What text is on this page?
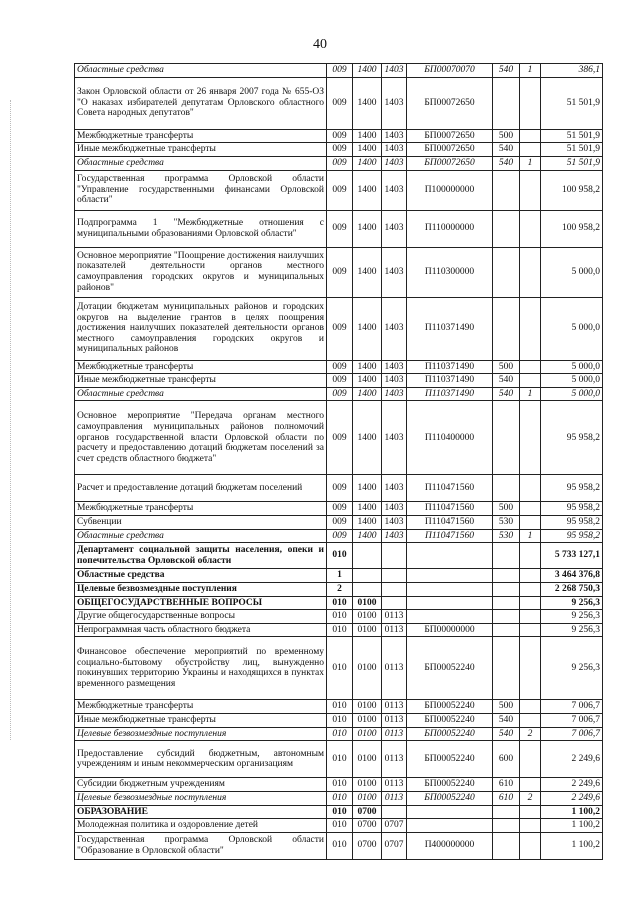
40
Областные средства	009	1400	1403	БП00070070	540	1	386,1
Закон Орловской области от 26 января 2007 года № 655-ОЗ "О наказах избирателей депутатам Орловского областного Совета народных депутатов"	009	1400	1403	БП00072650			51 501,9
Межбюджетные трансферты	009	1400	1403	БП00072650	500		51 501,9
Иные межбюджетные трансферты	009	1400	1403	БП00072650	540		51 501,9
Областные средства	009	1400	1403	БП00072650	540	1	51 501,9
Государственная программа Орловской области "Управление государственными финансами Орловской области"	009	1400	1403	П100000000			100 958,2
Подпрограмма 1 "Межбюджетные отношения с муниципальными образованиями Орловской области"	009	1400	1403	П110000000			100 958,2
Основное мероприятие "Поощрение достижения наилучших показателей деятельности органов местного самоуправления городских округов и муниципальных районов"	009	1400	1403	П110300000			5 000,0
Дотации бюджетам муниципальных районов и городских округов на выделение грантов в целях поощрения достижения наилучших показателей деятельности органов местного самоуправления городских округов и муниципальных районов	009	1400	1403	П110371490			5 000,0
Межбюджетные трансферты	009	1400	1403	П110371490	500		5 000,0
Иные межбюджетные трансферты	009	1400	1403	П110371490	540		5 000,0
Областные средства	009	1400	1403	П110371490	540	1	5 000,0
Основное мероприятие "Передача органам местного самоуправления муниципальных районов полномочий органов государственной власти Орловской области по расчету и предоставлению дотаций бюджетам поселений за счет средств областного бюджета"	009	1400	1403	П110400000			95 958,2
Расчет и предоставление дотаций бюджетам поселений	009	1400	1403	П110471560			95 958,2
Межбюджетные трансферты	009	1400	1403	П110471560	500		95 958,2
Субвенции	009	1400	1403	П110471560	530		95 958,2
Областные средства	009	1400	1403	П110471560	530	1	95 958,2
Департамент социальной защиты населения, опеки и попечительства Орловской области	010						5 733 127,1
Областные средства	1						3 464 376,8
Целевые безвозмездные поступления	2						2 268 750,3
ОБЩЕГОСУДАРСТВЕННЫЕ ВОПРОСЫ	010	0100					9 256,3
Другие общегосударственные вопросы	010	0100	0113				9 256,3
Непрограммная часть областного бюджета	010	0100	0113	БП00000000			9 256,3
Финансовое обеспечение мероприятий по временному социально-бытовому обустройству лиц, вынужденно покинувших территорию Украины и находящихся в пунктах временного размещения	010	0100	0113	БП00052240			9 256,3
Межбюджетные трансферты	010	0100	0113	БП00052240	500		7 006,7
Иные межбюджетные трансферты	010	0100	0113	БП00052240	540		7 006,7
Целевые безвозмездные поступления	010	0100	0113	БП00052240	540	2	7 006,7
Предоставление субсидий бюджетным, автономным учреждениям и иным некоммерческим организациям	010	0100	0113	БП00052240	600		2 249,6
Субсидии бюджетным учреждениям	010	0100	0113	БП00052240	610		2 249,6
Целевые безвозмездные поступления	010	0100	0113	БП00052240	610	2	2 249,6
ОБРАЗОВАНИЕ	010	0700					1 100,2
Молодежная политика и оздоровление детей	010	0700	0707				1 100,2
Государственная программа Орловской области "Образование в Орловской области"	010	0700	0707	П400000000			1 100,2
